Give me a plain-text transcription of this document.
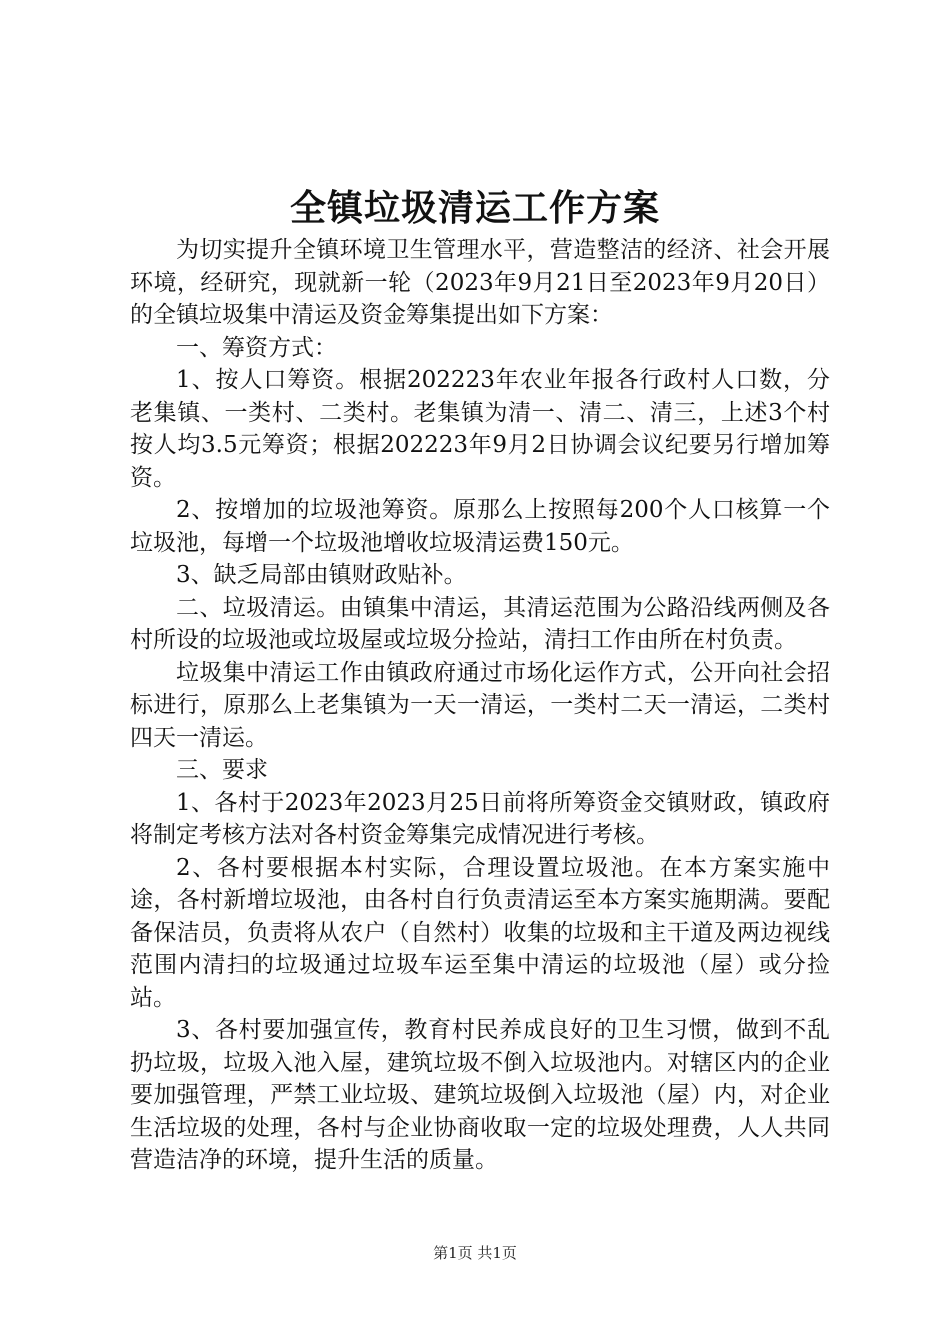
全镇垃圾清运工作方案

为切实提升全镇环境卫生管理水平，营造整洁的经济、社会开展环境，经研究，现就新一轮（2023年9月21日至2023年9月20日）的全镇垃圾集中清运及资金筹集提出如下方案：

一、筹资方式：

1、按人口筹资。根据202223年农业年报各行政村人口数，分老集镇、一类村、二类村。老集镇为清一、清二、清三，上述3个村按人均3.5元筹资；根据202223年9月2日协调会议纪要另行增加筹资。

2、按增加的垃圾池筹资。原那么上按照每200个人口核算一个垃圾池，每增一个垃圾池增收垃圾清运费150元。

3、缺乏局部由镇财政贴补。

二、垃圾清运。由镇集中清运，其清运范围为公路沿线两侧及各村所设的垃圾池或垃圾屋或垃圾分捡站，清扫工作由所在村负责。

垃圾集中清运工作由镇政府通过市场化运作方式，公开向社会招标进行，原那么上老集镇为一天一清运，一类村二天一清运，二类村四天一清运。

三、要求

1、各村于2023年2023月25日前将所筹资金交镇财政，镇政府将制定考核方法对各村资金筹集完成情况进行考核。

2、各村要根据本村实际，合理设置垃圾池。在本方案实施中途，各村新增垃圾池，由各村自行负责清运至本方案实施期满。要配备保洁员，负责将从农户（自然村）收集的垃圾和主干道及两边视线范围内清扫的垃圾通过垃圾车运至集中清运的垃圾池（屋）或分捡站。

3、各村要加强宣传，教育村民养成良好的卫生习惯，做到不乱扔垃圾，垃圾入池入屋，建筑垃圾不倒入垃圾池内。对辖区内的企业要加强管理，严禁工业垃圾、建筑垃圾倒入垃圾池（屋）内，对企业生活垃圾的处理，各村与企业协商收取一定的垃圾处理费，人人共同营造洁净的环境，提升生活的质量。

第1页 共1页
